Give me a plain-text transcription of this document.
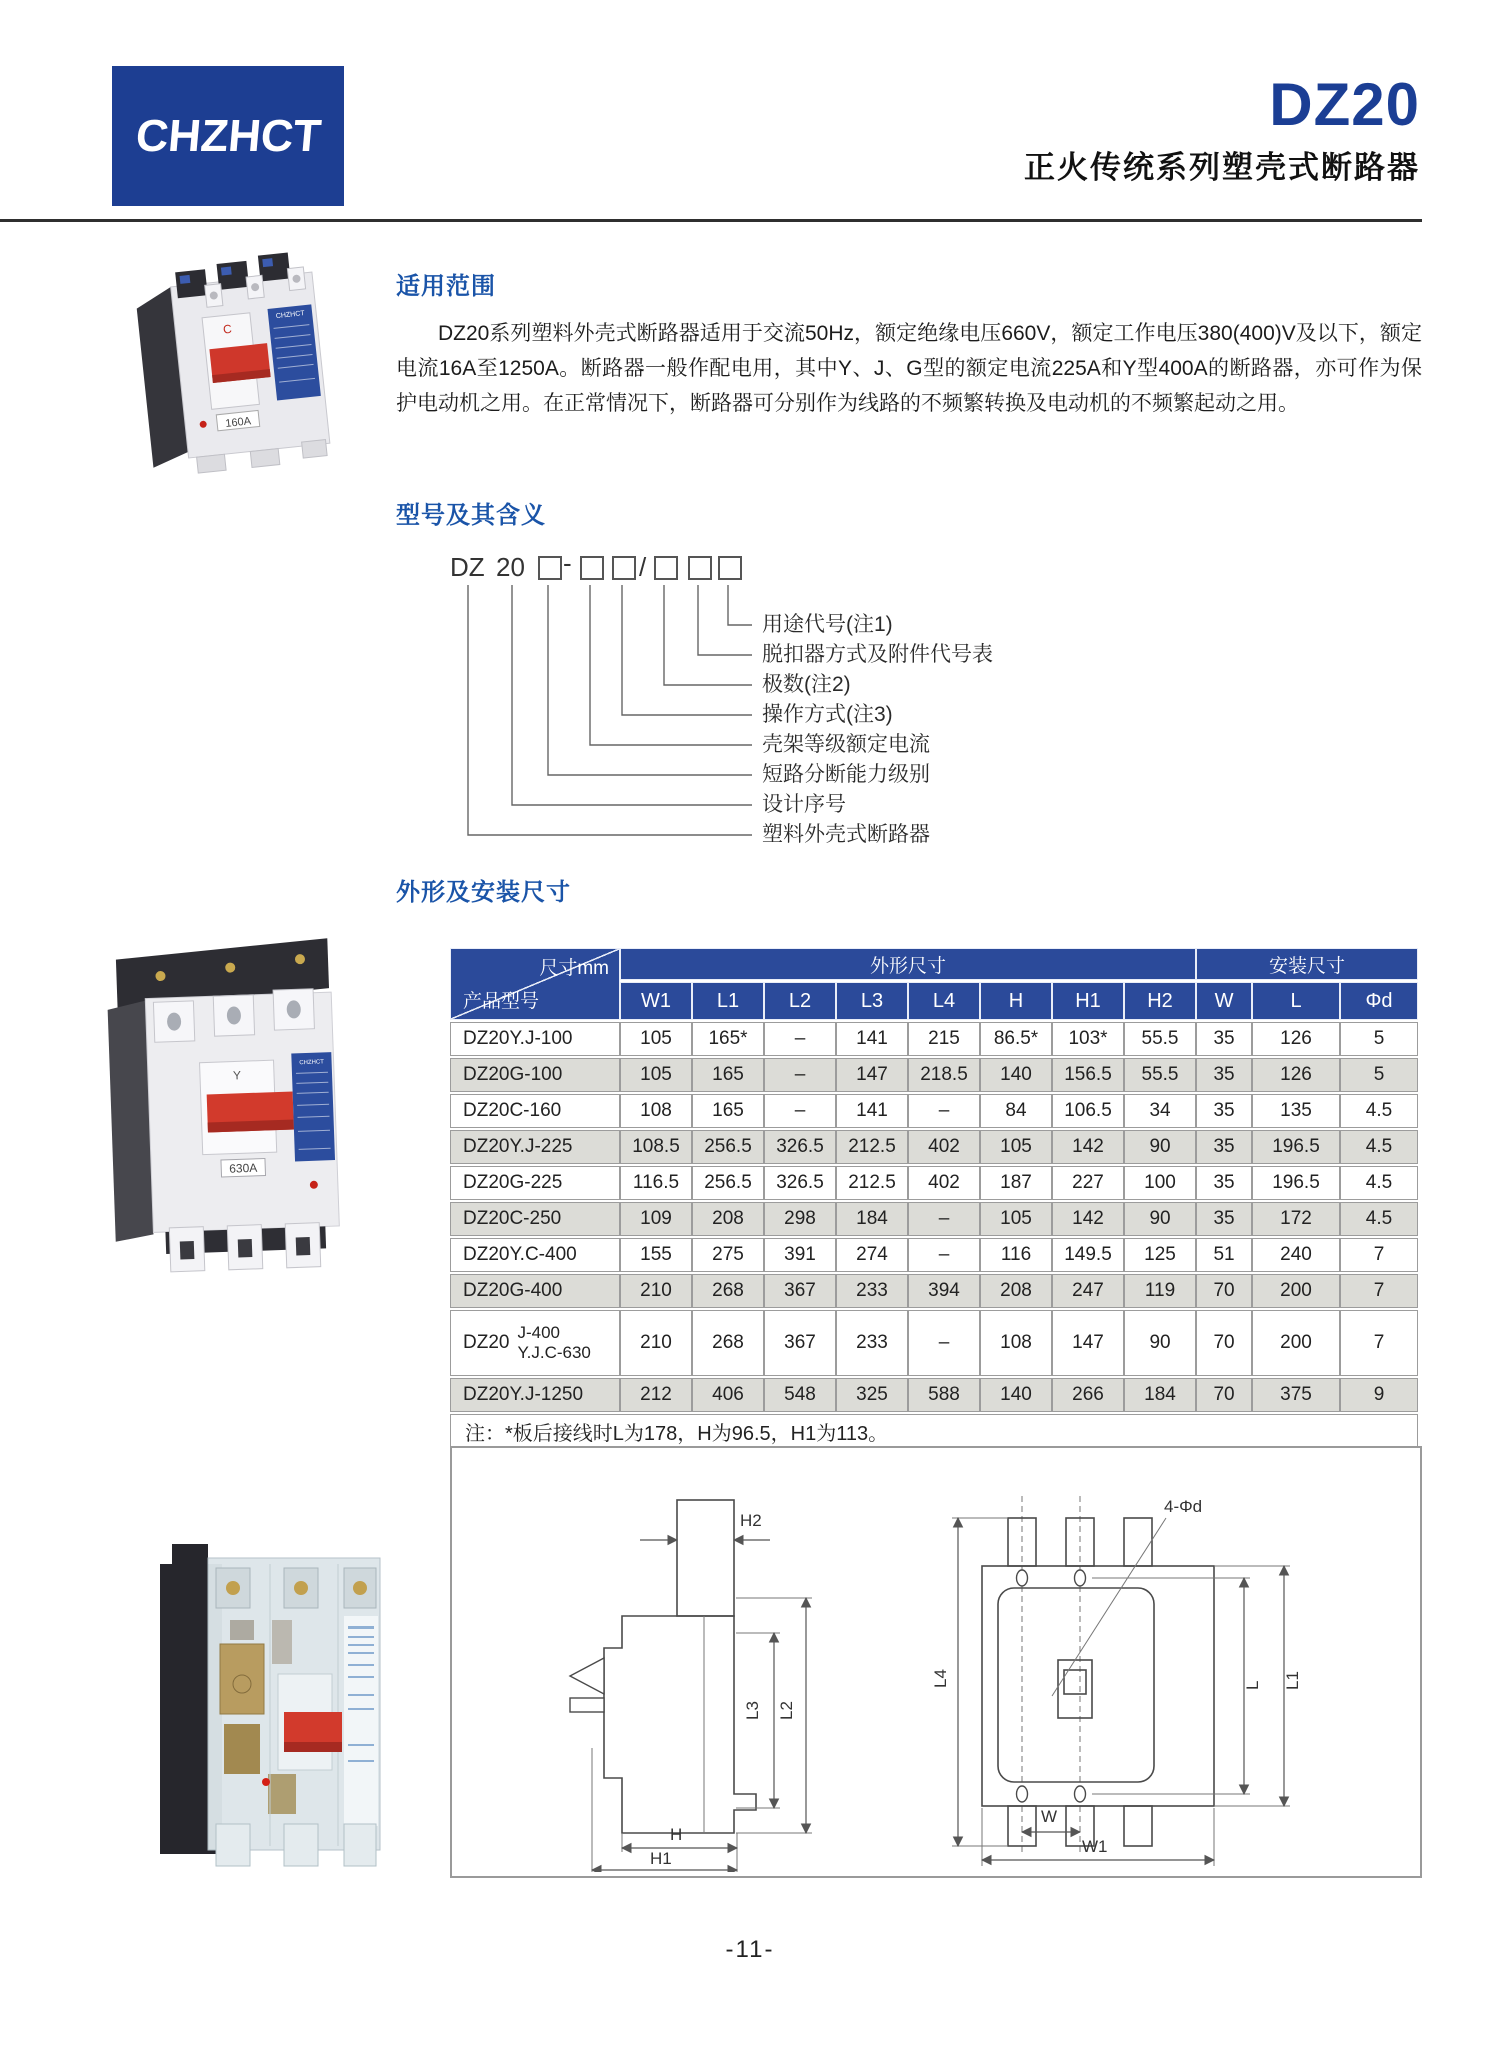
CHZHCT	DZ20
正火传统系列塑壳式断路器
适用范围
DZ20系列塑料外壳式断路器适用于交流50Hz，额定绝缘电压660V，额定工作电压380(400)V及以下，额定电流16A至1250A。断路器一般作配电用，其中Y、J、G型的额定电流225A和Y型400A的断路器，亦可作为保护电动机之用。在正常情况下，断路器可分别作为线路的不频繁转换及电动机的不频繁起动之用。
型号及其含义
DZ 20 -	/
用途代号(注1)
脱扣器方式及附件代号表
极数(注2)
操作方式(注3)
壳架等级额定电流
短路分断能力级别
设计序号
塑料外壳式断路器
外形及安装尺寸
尺寸mm
产品型号	外形尺寸								安装尺寸		
	W1	L1	L2	L3	L4	H	H1	H2	W	L	Φd
DZ20Y.J-100	105	165*	–	141	215	86.5*	103*	55.5	35	126	5
DZ20G-100	105	165	–	147	218.5	140	156.5	55.5	35	126	5
DZ20C-160	108	165	–	141	–	84	106.5	34	35	135	4.5
DZ20Y.J-225	108.5	256.5	326.5	212.5	402	105	142	90	35	196.5	4.5
DZ20G-225	116.5	256.5	326.5	212.5	402	187	227	100	35	196.5	4.5
DZ20C-250	109	208	298	184	–	105	142	90	35	172	4.5
DZ20Y.C-400	155	275	391	274	–	116	149.5	125	51	240	7
DZ20G-400	210	268	367	233	394	208	247	119	70	200	7

DZ20 J-400
Y.J.C-630	210	268	367	233	–	108	147	90	70	200	7
DZ20Y.J-1250	212	406	548	325	588	140	266	184	70	375	9
注：*板后接线时L为178，H为96.5，H1为113。											
H2
L3 L2
H
H1
4-Φd
L4	L L1
W
W1
CHZHCT
C
160A
Y
630A
CHZHCT
-11-
